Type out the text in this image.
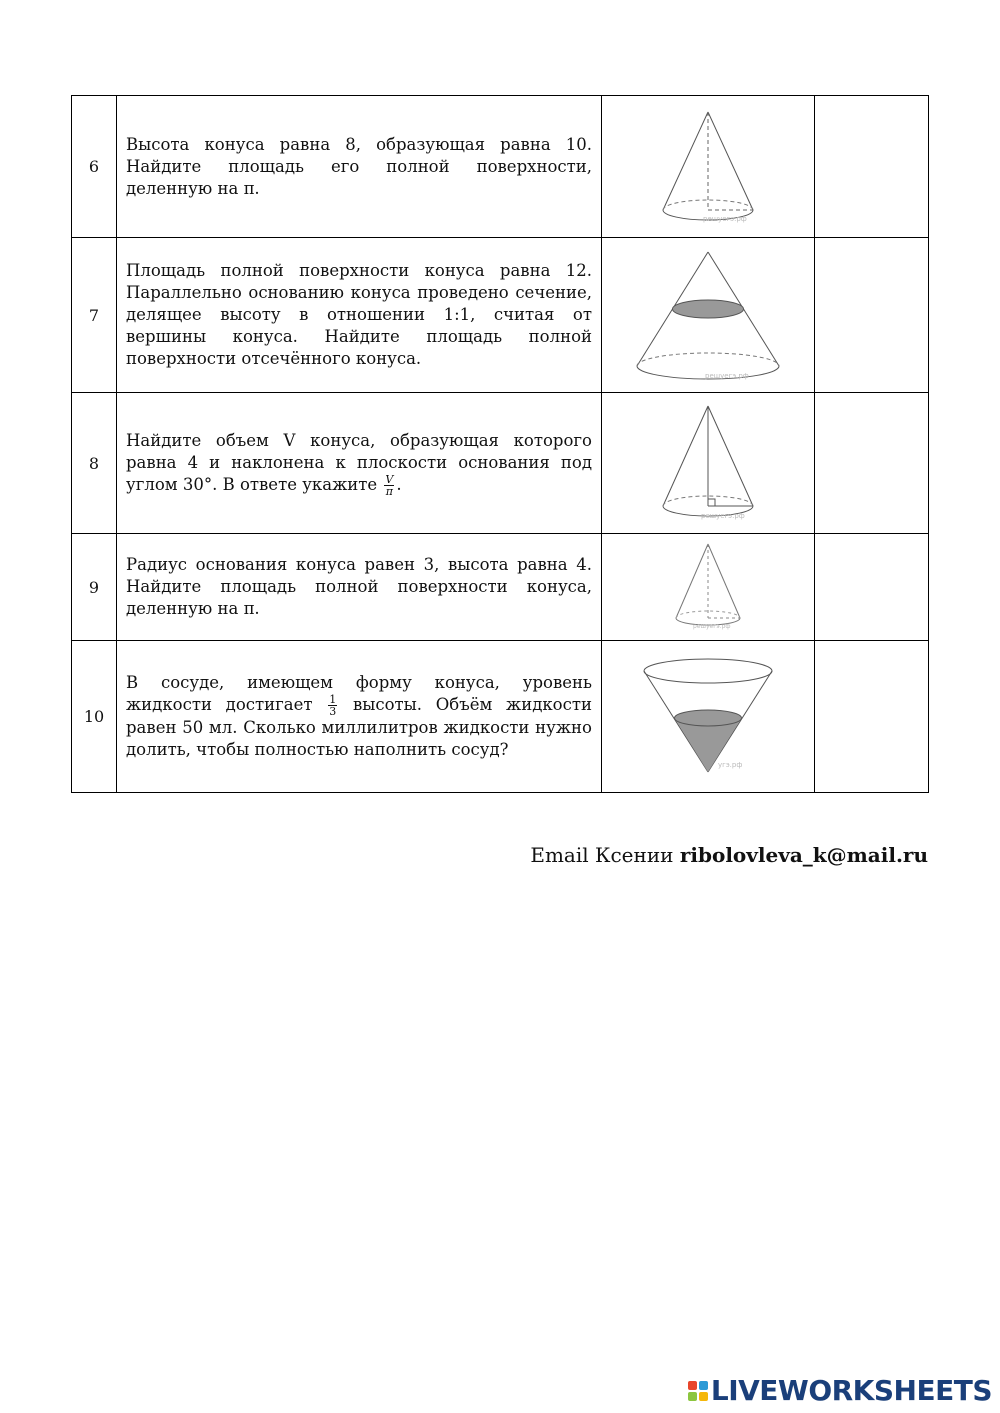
6	Высота конуса равна 8, образующая равна 10. Найдите площадь его полной поверхности, деленную на π.	решуегэ.рф	

7	Площадь полной поверхности конуса равна 12. Параллельно основанию конуса проведено сечение, делящее высоту в отношении 1:1, считая от вершины конуса. Найдите площадь полной поверхности отсечённого конуса.	решуегэ.рф	

8	Найдите объем V конуса, образующая которого равна 4 и наклонена к плоскости основания под углом 30°. В ответе укажите $\frac{V}{\pi}$ .	решуегэ.рф	

9	Радиус основания конуса равен 3, высота равна 4. Найдите площадь полной поверхности конуса, деленную на π.	решуегэ.рф	

10	В сосуде, имеющем форму конуса, уровень жидкости достигает $\frac{1}{3}$ высоты. Объём жидкости равен 50 мл. Сколько миллилитров жидкости нужно долить, чтобы полностью наполнить сосуд?	угэ.рф	

Email Ксении ribolovleva_k@mail.ru
LIVEWORKSHEETS
